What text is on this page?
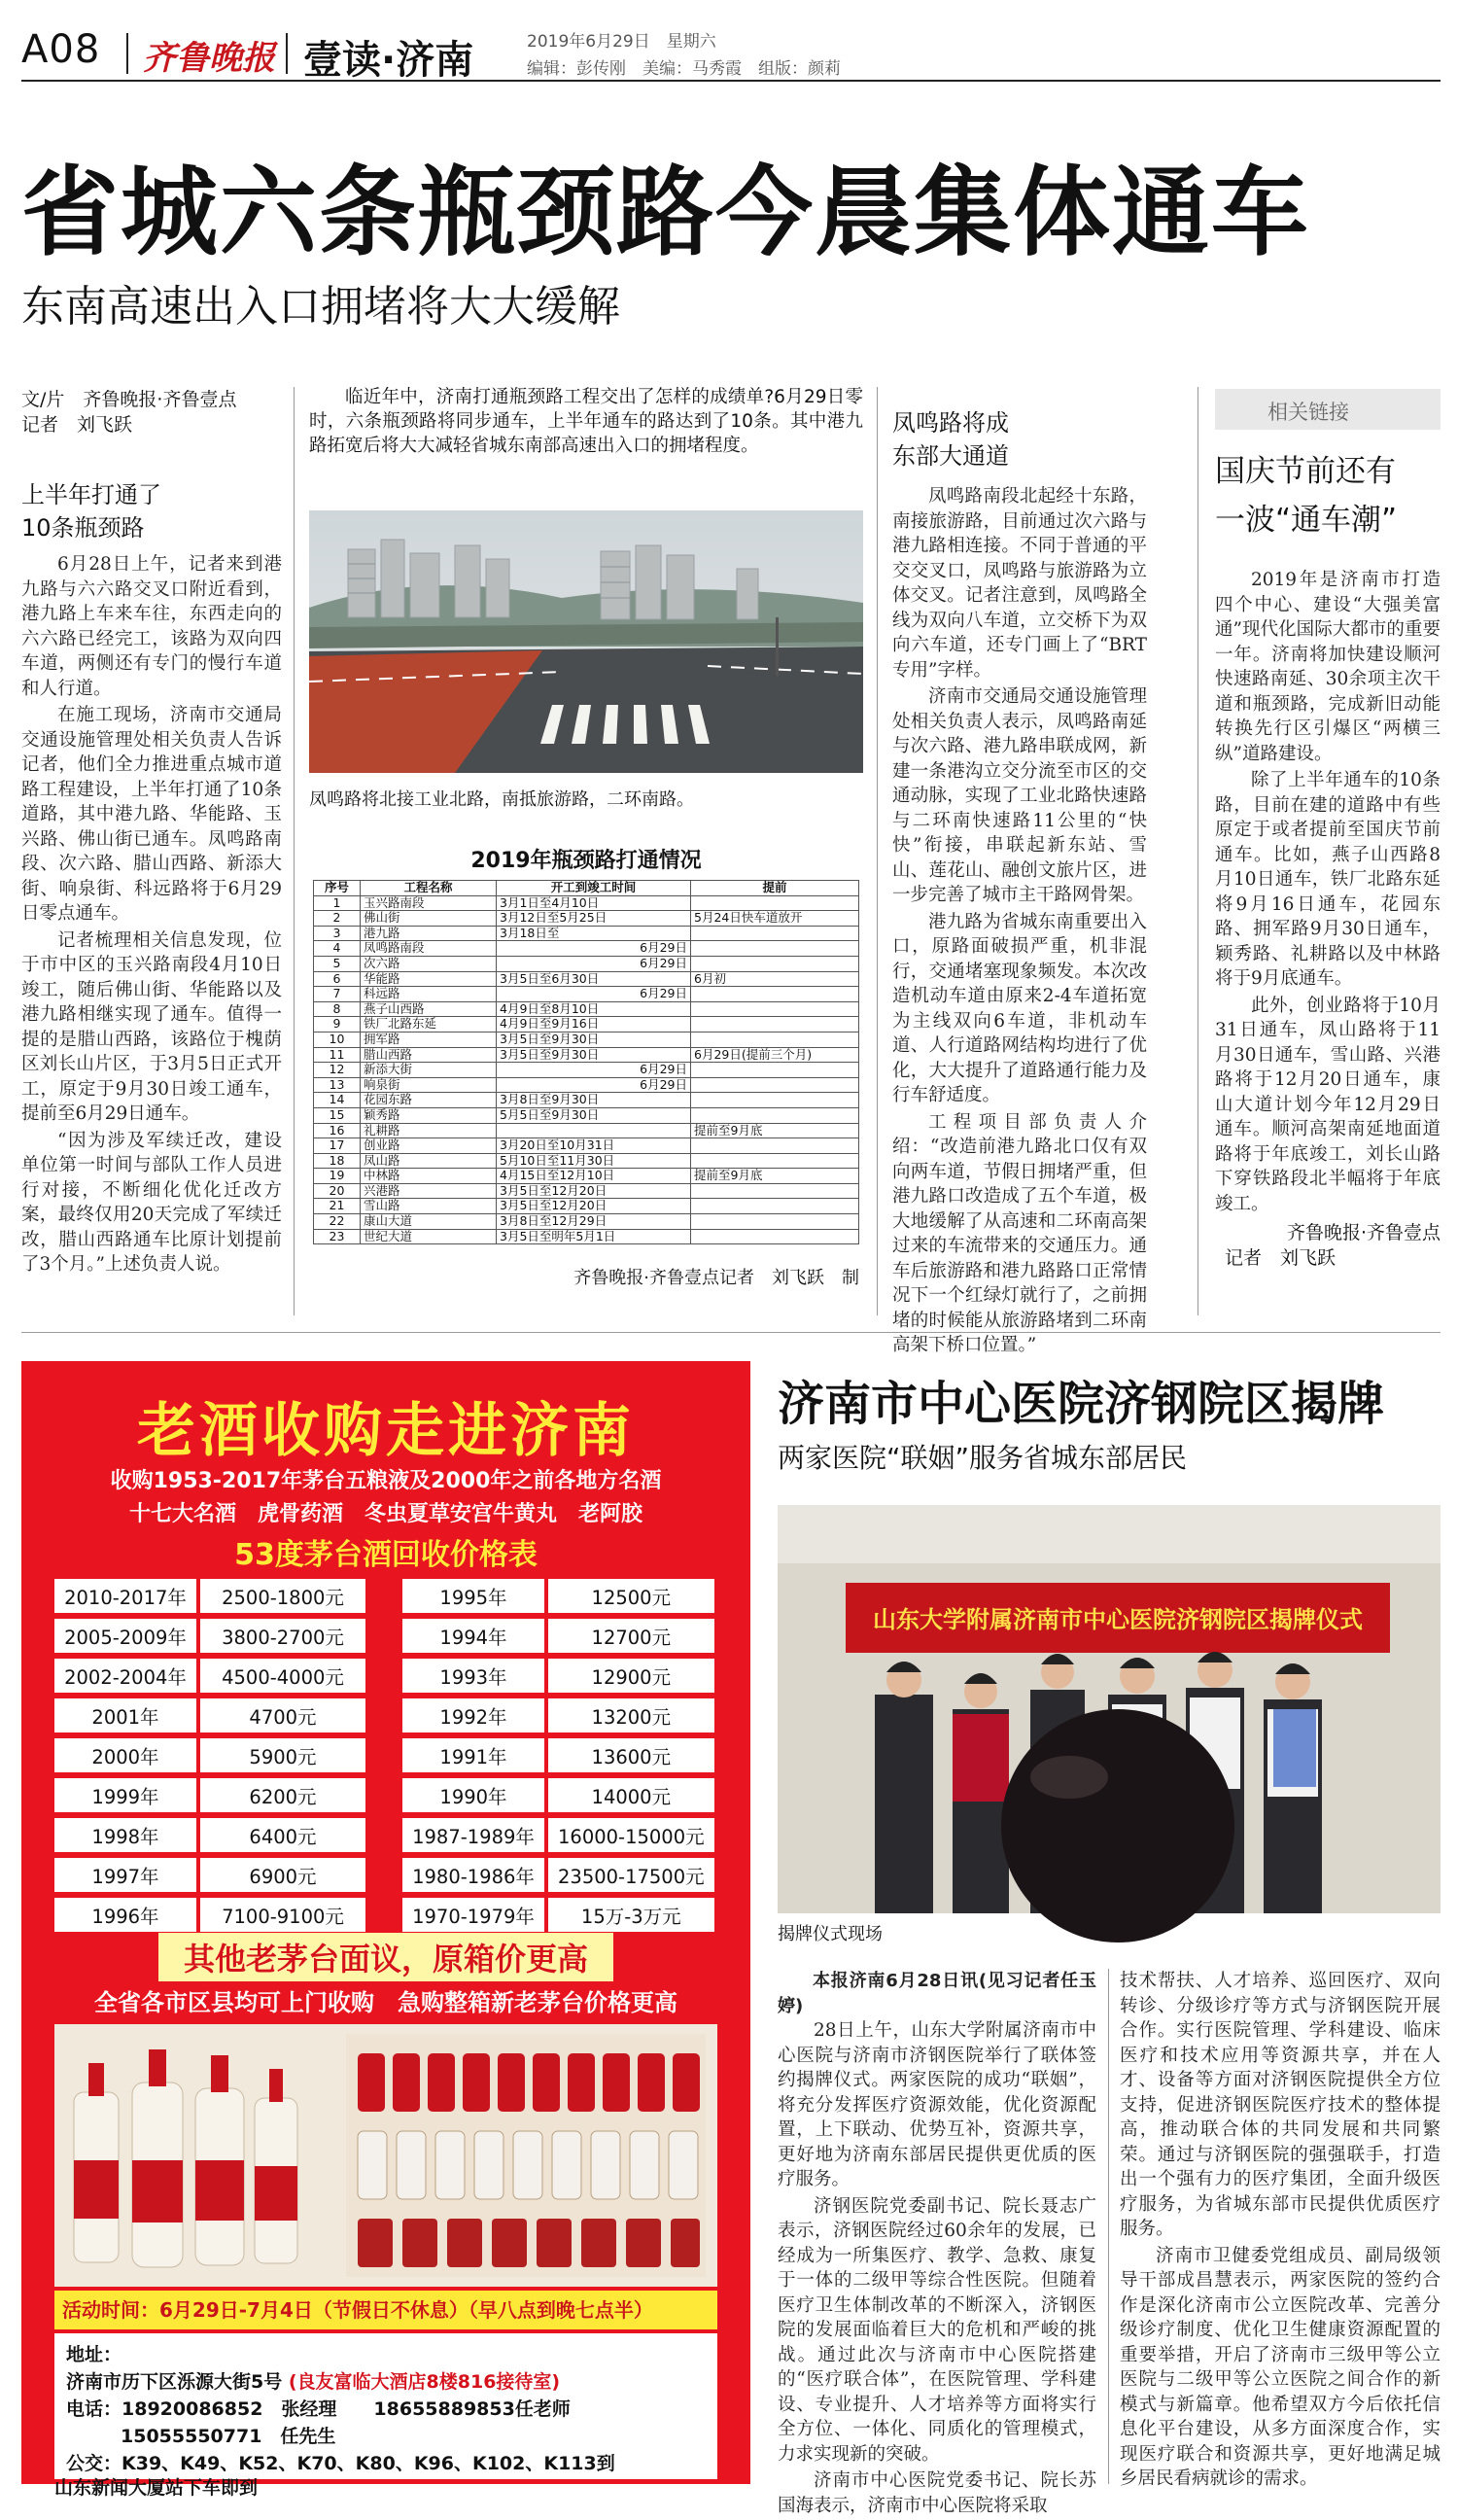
A08 齐鲁晚报 壹读·济南	2019年6月29日　星期六
编辑：彭传刚　美编：马秀霞　组版：颜莉
省城六条瓶颈路今晨集体通车
东南高速出入口拥堵将大大缓解
文/片　齐鲁晚报·齐鲁壹点
记者　刘飞跃
临近年中，济南打通瓶颈路工程交出了怎样的成绩单?6月29日零时，六条瓶颈路将同步通车，上半年通车的路达到了10条。其中港九路拓宽后将大大减轻省城东南部高速出入口的拥堵程度。
上半年打通了
10条瓶颈路

6月28日上午，记者来到港九路与六六路交叉口附近看到，港九路上车来车往，东西走向的六六路已经完工，该路为双向四车道，两侧还有专门的慢行车道和人行道。

在施工现场，济南市交通局交通设施管理处相关负责人告诉记者，他们全力推进重点城市道路工程建设，上半年打通了10条道路，其中港九路、华能路、玉兴路、佛山街已通车。凤鸣路南段、次六路、腊山西路、新添大街、响泉街、科远路将于6月29日零点通车。

记者梳理相关信息发现，位于市中区的玉兴路南段4月10日竣工，随后佛山街、华能路以及港九路相继实现了通车。值得一提的是腊山西路，该路位于槐荫区刘长山片区，于3月5日正式开工，原定于9月30日竣工通车，提前至6月29日通车。

“因为涉及军续迁改，建设单位第一时间与部队工作人员进行对接，不断细化优化迁改方案，最终仅用20天完成了军续迁改，腊山西路通车比原计划提前了3个月。”上述负责人说。

凤鸣路将北接工业北路，南抵旅游路，二环南路。
2019年瓶颈路打通情况
序号	工程名称	开工到竣工时间	提前
1	玉兴路南段	3月1日至4月10日	
2	佛山街	3月12日至5月25日	5月24日快车道放开
3	港九路	3月18日至	
4	凤鸣路南段	6月29日	
5	次六路	6月29日	
6	华能路	3月5日至6月30日	6月初
7	科远路	6月29日	
8	燕子山西路	4月9日至8月10日	
9	铁厂北路东延	4月9日至9月16日	
10	拥军路	3月5日至9月30日	
11	腊山西路	3月5日至9月30日	6月29日(提前三个月)
12	新添大街	6月29日	
13	响泉街	6月29日	
14	花园东路	3月8日至9月30日	
15	颖秀路	5月5日至9月30日	
16	礼耕路		提前至9月底
17	创业路	3月20日至10月31日	
18	凤山路	5月10日至11月30日	
19	中林路	4月15日至12月10日	提前至9月底
20	兴港路	3月5日至12月20日	
21	雪山路	3月5日至12月20日	
22	康山大道	3月8日至12月29日	
23	世纪大道	3月5日至明年5月1日	
齐鲁晚报·齐鲁壹点记者　刘飞跃　制
凤鸣路将成
东部大通道

凤鸣路南段北起经十东路，南接旅游路，目前通过次六路与港九路相连接。不同于普通的平交交叉口，凤鸣路与旅游路为立体交叉。记者注意到，凤鸣路全线为双向八车道，立交桥下为双向六车道，还专门画上了“BRT专用”字样。

济南市交通局交通设施管理处相关负责人表示，凤鸣路南延与次六路、港九路串联成网，新建一条港沟立交分流至市区的交通动脉，实现了工业北路快速路与二环南快速路11公里的“快快”衔接，串联起新东站、雪山、莲花山、融创文旅片区，进一步完善了城市主干路网骨架。

港九路为省城东南重要出入口，原路面破损严重，机非混行，交通堵塞现象频发。本次改造机动车道由原来2-4车道拓宽为主线双向6车道，非机动车道、人行道路网结构均进行了优化，大大提升了道路通行能力及行车舒适度。

工程项目部负责人介绍：“改造前港九路北口仅有双向两车道，节假日拥堵严重，但港九路口改造成了五个车道，极大地缓解了从高速和二环南高架过来的车流带来的交通压力。通车后旅游路和港九路路口正常情况下一个红绿灯就行了，之前拥堵的时候能从旅游路堵到二环南高架下桥口位置。”

相关链接
国庆节前还有
一波“通车潮”

2019年是济南市打造四个中心、建设“大强美富通”现代化国际大都市的重要一年。济南将加快建设顺河快速路南延、30余项主次干道和瓶颈路，完成新旧动能转换先行区引爆区“两横三纵”道路建设。

除了上半年通车的10条路，目前在建的道路中有些原定于或者提前至国庆节前通车。比如，燕子山西路8月10日通车，铁厂北路东延将9月16日通车，花园东路、拥军路9月30日通车，颖秀路、礼耕路以及中林路将于9月底通车。

此外，创业路将于10月31日通车，凤山路将于11月30日通车，雪山路、兴港路将于12月20日通车，康山大道计划今年12月29日通车。顺河高架南延地面道路将于年底竣工，刘长山路下穿铁路段北半幅将于年底竣工。

齐鲁晚报·齐鲁壹点
记者　刘飞跃
老酒收购走进济南
收购1953-2017年茅台五粮液及2000年之前各地方名酒
十七大名酒　虎骨药酒　冬虫夏草安宫牛黄丸　老阿胶
53度茅台酒回收价格表
2010-2017年	2500-1800元
2005-2009年	3800-2700元
2002-2004年	4500-4000元
2001年	4700元
2000年	5900元
1999年	6200元
1998年	6400元
1997年	6900元
1996年	7100-9100元
1995年	12500元
1994年	12700元
1993年	12900元
1992年	13200元
1991年	13600元
1990年	14000元
1987-1989年	16000-15000元
1980-1986年	23500-17500元
1970-1979年	15万-3万元
其他老茅台面议，原箱价更高
全省各市区县均可上门收购　急购整箱新老茅台价格更高
活动时间：6月29日-7月4日（节假日不休息）（早八点到晚七点半）
地址：
济南市历下区泺源大街5号 (良友富临大酒店8楼816接待室)
电话：18920086852　张经理　　18655889853任老师
15055550771　任先生
公交：K39、K49、K52、K70、K80、K96、K102、K113到
山东新闻大厦站下车即到
济南市中心医院济钢院区揭牌
两家医院“联姻”服务省城东部居民
山东大学附属济南市中心医院济钢院区揭牌仪式
揭牌仪式现场
本报济南6月28日讯(见习记者任玉婷)

28日上午，山东大学附属济南市中心医院与济南市济钢医院举行了联体签约揭牌仪式。两家医院的成功“联姻”，将充分发挥医疗资源效能，优化资源配置，上下联动、优势互补，资源共享，更好地为济南东部居民提供更优质的医疗服务。

济钢医院党委副书记、院长聂志广表示，济钢医院经过60余年的发展，已经成为一所集医疗、教学、急救、康复于一体的二级甲等综合性医院。但随着医疗卫生体制改革的不断深入，济钢医院的发展面临着巨大的危机和严峻的挑战。通过此次与济南市中心医院搭建的“医疗联合体”，在医院管理、学科建设、专业提升、人才培养等方面将实行全方位、一体化、同质化的管理模式，力求实现新的突破。

济南市中心医院党委书记、院长苏国海表示，济南市中心医院将采取

技术帮扶、人才培养、巡回医疗、双向转诊、分级诊疗等方式与济钢医院开展合作。实行医院管理、学科建设、临床医疗和技术应用等资源共享，并在人才、设备等方面对济钢医院提供全方位支持，促进济钢医院医疗技术的整体提高，推动联合体的共同发展和共同繁荣。通过与济钢医院的强强联手，打造出一个强有力的医疗集团，全面升级医疗服务，为省城东部市民提供优质医疗服务。

济南市卫健委党组成员、副局级领导干部成昌慧表示，两家医院的签约合作是深化济南市公立医院改革、完善分级诊疗制度、优化卫生健康资源配置的重要举措，开启了济南市三级甲等公立医院与二级甲等公立医院之间合作的新模式与新篇章。他希望双方今后依托信息化平台建设，从多方面深度合作，实现医疗联合和资源共享，更好地满足城乡居民看病就诊的需求。
